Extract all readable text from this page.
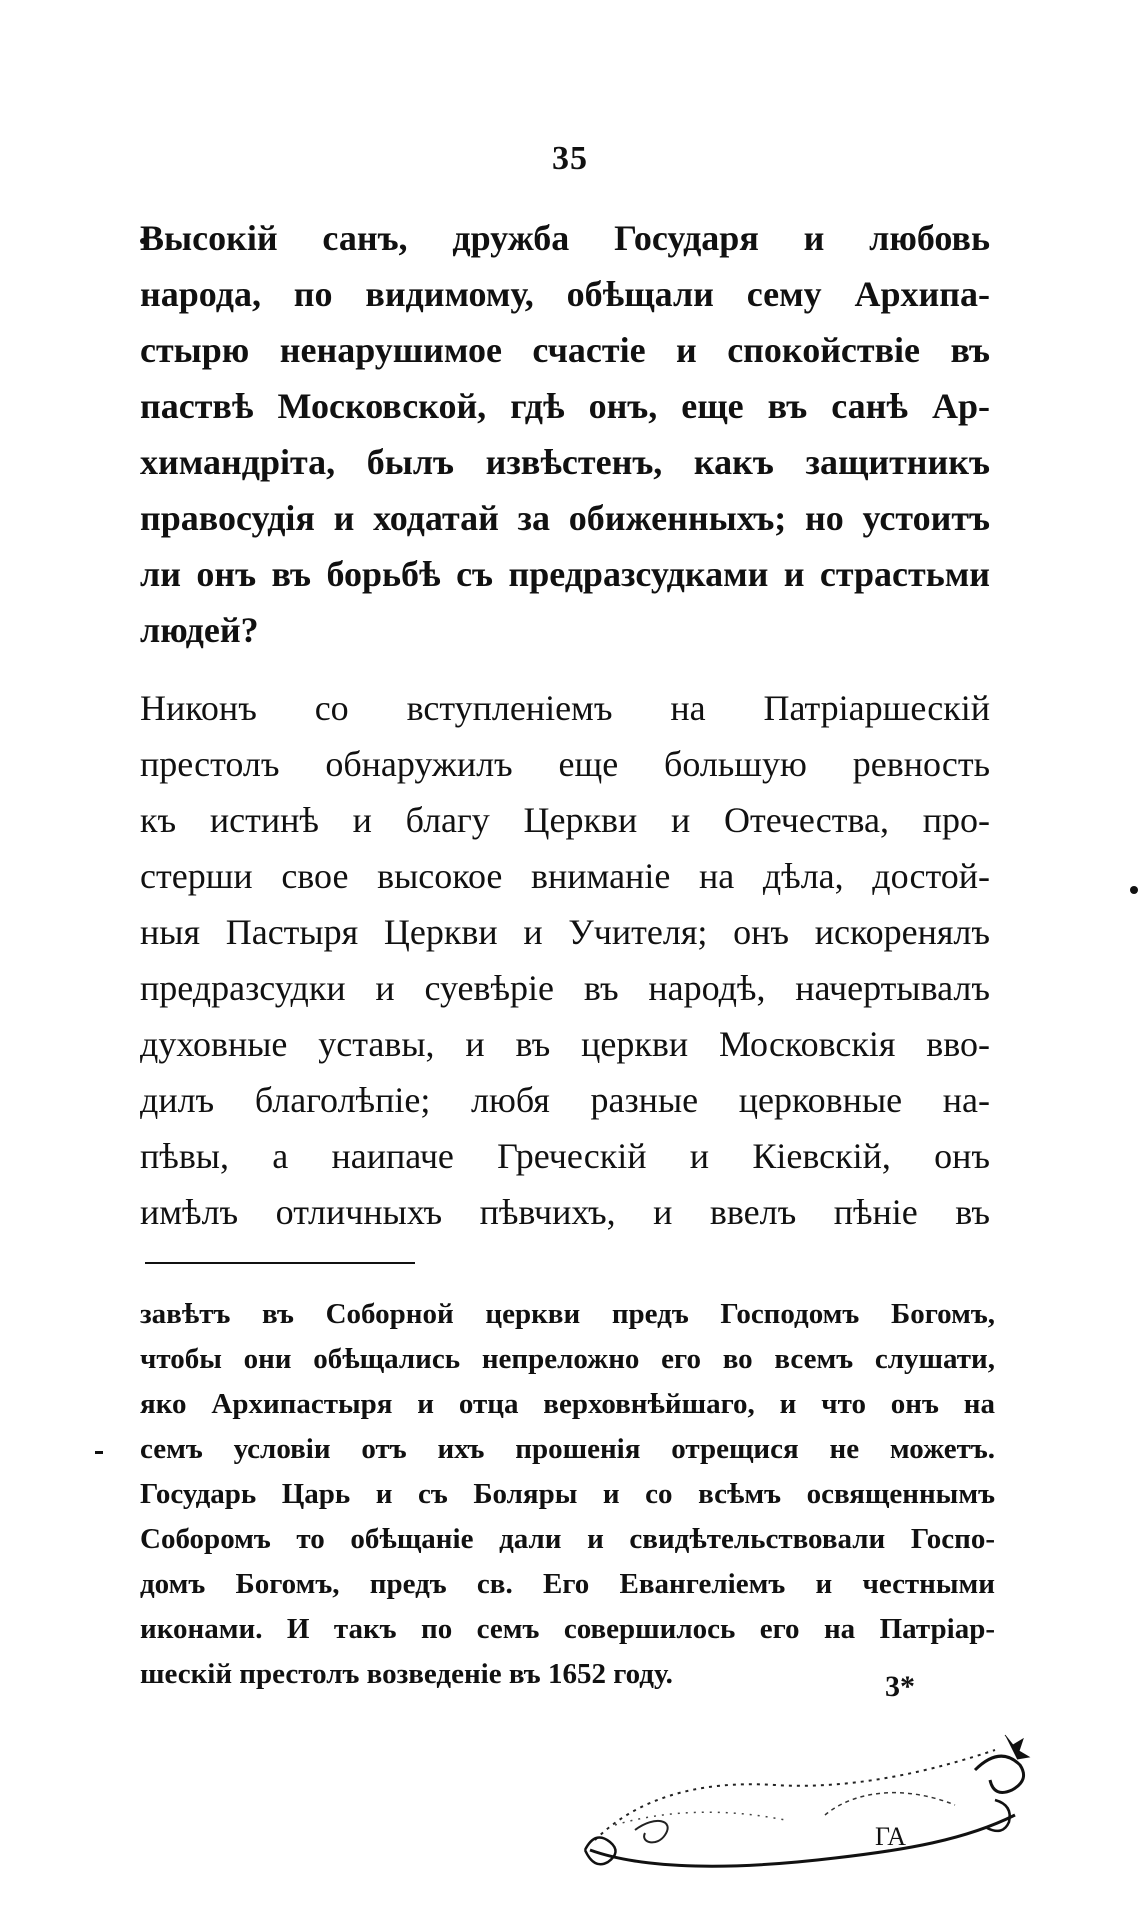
35
Высокій санъ, дружба Государя и любовь
народа, по видимому, обѣщали сему Архипа-
стырю ненарушимое счастіе и спокойствіе въ
паствѣ Московской, гдѣ онъ, еще въ санѣ Ар-
химандріта, былъ извѣстенъ, какъ защитникъ
правосудія и ходатай за обиженныхъ; но устоитъ
ли онъ въ борьбѣ съ предразсудками и страстьми
людей?
Никонъ со вступленіемъ на Патріаршескій
престолъ обнаружилъ еще большую ревность
къ истинѣ и благу Церкви и Отечества, про-
стерши свое высокое вниманіе на дѣла, достой-
ныя Пастыря Церкви и Учителя; онъ искоренялъ
предразсудки и суевѣріе въ народѣ, начертывалъ
духовные уставы, и въ церкви Московскія вво-
дилъ благолѣпіе; любя разные церковные на-
пѣвы, а наипаче Греческій и Кіевскій, онъ
имѣлъ отличныхъ пѣвчихъ, и ввелъ пѣніе въ
завѣтъ въ Соборной церкви предъ Господомъ Богомъ,
чтобы они обѣщались непреложно его во всемъ слушати,
яко Архипастыря и отца верховнѣйшаго, и что онъ на
семъ условіи отъ ихъ прошенія отрещися не можетъ.
Государь Царь и съ Боляры и со всѣмъ освященнымъ
Соборомъ то обѣщаніе дали и свидѣтельствовали Госпо-
домъ Богомъ, предъ св. Его Евангеліемъ и честными
иконами. И такъ по семъ совершилось его на Патріар-
шескій престолъ возведеніе въ 1652 году.	3*
ГА
